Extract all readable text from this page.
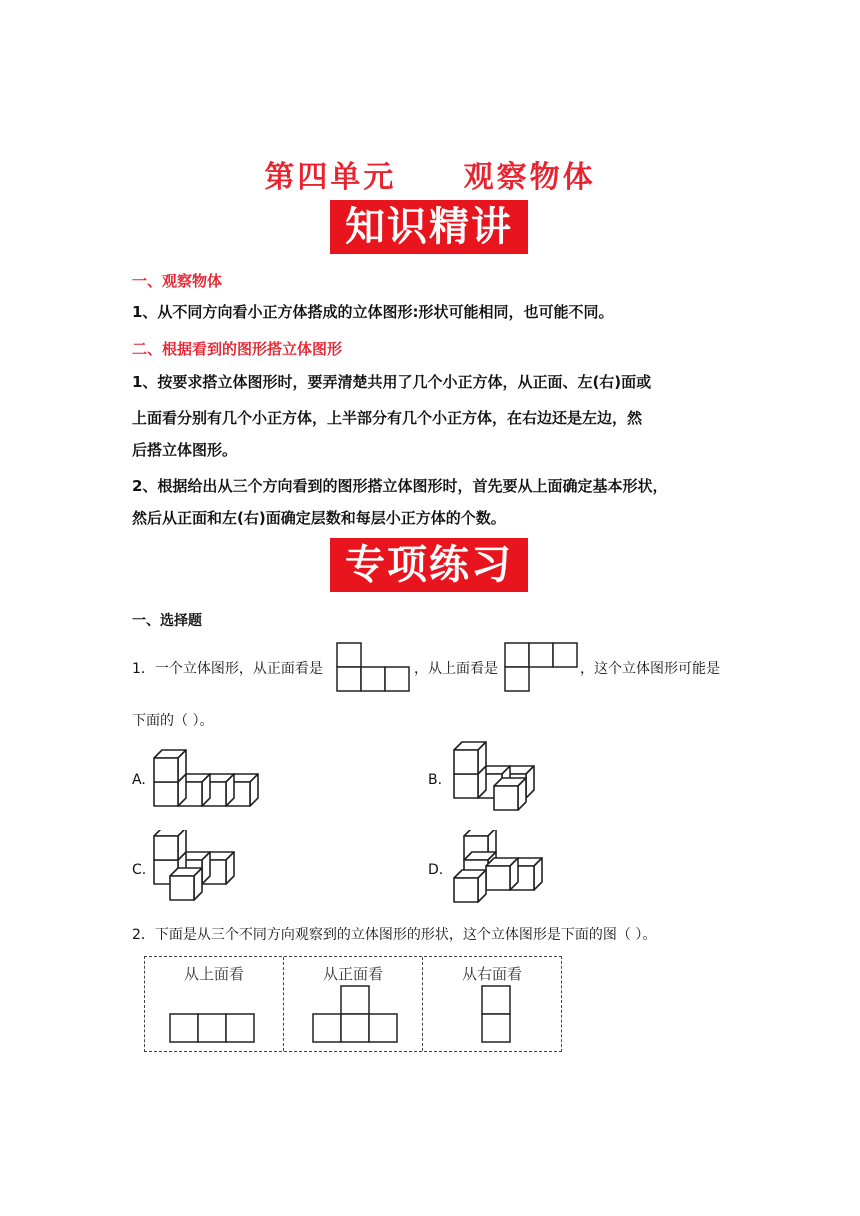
第四单元     观察物体
知识精讲
一、观察物体
1、从不同方向看小正方体搭成的立体图形:形状可能相同，也可能不同。
二、根据看到的图形搭立体图形
1、按要求搭立体图形时，要弄清楚共用了几个小正方体，从正面、左(右)面或
上面看分别有几个小正方体，上半部分有几个小正方体，在右边还是左边，然
后搭立体图形。
2、根据给出从三个方向看到的图形搭立体图形时，首先要从上面确定基本形状，
然后从正面和左(右)面确定层数和每层小正方体的个数。
专项练习
一、选择题
1．一个立体图形，从正面看是	，从上面看是	，这个立体图形可能是
下面的（ ）。
A.	B.
C.	D.
2．下面是从三个不同方向观察到的立体图形的形状，这个立体图形是下面的图（ ）。
从上面看	从正面看	从右面看
